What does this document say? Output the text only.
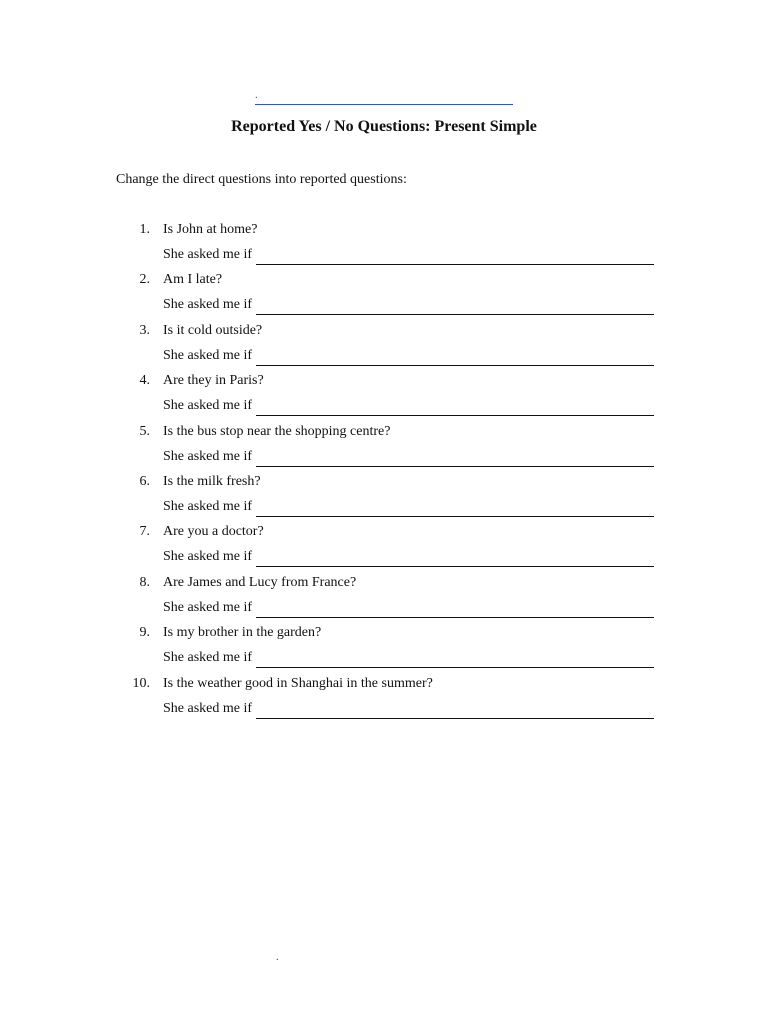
.
Reported Yes / No Questions: Present Simple

Change the direct questions into reported questions:

1. Is John at home?
She asked me if
2. Am I late?
She asked me if
3. Is it cold outside?
She asked me if
4. Are they in Paris?
She asked me if
5. Is the bus stop near the shopping centre?
She asked me if
6. Is the milk fresh?
She asked me if
7. Are you a doctor?
She asked me if
8. Are James and Lucy from France?
She asked me if
9. Is my brother in the garden?
She asked me if
10. Is the weather good in Shanghai in the summer?
She asked me if
.
